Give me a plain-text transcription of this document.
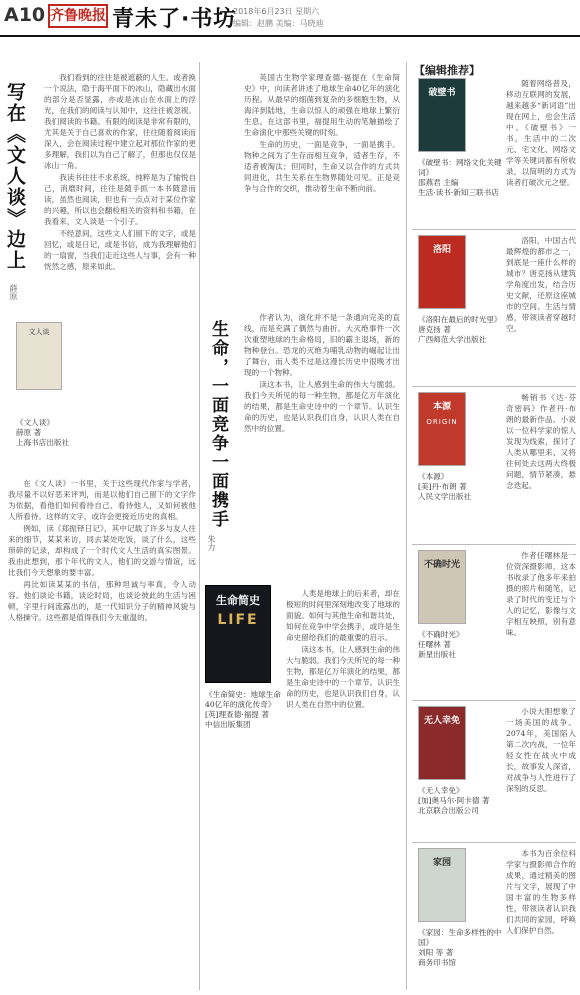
A10 齐鲁晚报 青未了·书坊
2018年6月23日 星期六
编辑：赵鹏 美编：马晓迪
写在《文人谈》边上
薛原

我们看到的往往是被遮蔽的人生。或者换一个说法，隐于海平面下的冰山，隐藏出水面的部分是否显露，亦或是冰山在水面上的浮光，在我们的阅读与认知中，这往往被忽视。我们阅读的书籍、有限的阅读是非常有限的，尤其是关于自己喜欢的作家，往往随着阅读而深入，会在阅读过程中建立起对那位作家的更多理解，我们以为自己了解了，但那也仅仅是冰山一角。

我读书往往不求系统，纯粹是为了愉悦自己，消磨时间，往往是随手抓一本书随意而读，虽然也阅读，但也有一点点对于某位作家的兴趣，所以也会翻检相关的资料和书籍，在我看来，文人谈是一个引子。

不经意间，这些文人们留下的文字，或是回忆，或是日记，或是书信，成为我理解他们的一扇窗，当我们走近这些人与事，会有一种恍然之感，原来如此。

文人谈
《文人谈》
薛原 著
上海书店出版社

在《文人谈》一书里，关于这些现代作家与学者，我尽量不以好恶来评判，而是以他们自己留下的文字作为依据，看他们如何看待自己、看待他人，又如何被他人所看待。这样的文字，或许会更接近历史的真相。

例如，读《郑振铎日记》，其中记载了许多与友人往来的细节，某某来访，同去某处吃饭，谈了什么，这些琐碎的记录，却构成了一个时代文人生活的真实图景。我由此想到，那个年代的文人，他们的交游与情谊，远比我们今天想象的要丰富。

再比如读某某的书信，那种坦诚与率真，令人动容。他们谈论书籍，谈论时局，也谈论彼此的生活与困顿，字里行间流露出的，是一代知识分子的精神风貌与人格操守。这些都是值得我们今天重温的。

英国古生物学家理查德·福提在《生命简史》中，向读者讲述了地球生命40亿年的演化历程。从最早的细菌到复杂的多细胞生物，从海洋到陆地，生命以惊人的顽强在地球上繁衍生息。在这部书里，福提用生动的笔触描绘了生命演化中那些关键的时刻。

生命的历史，一面是竞争，一面是携手。物种之间为了生存而相互竞争，适者生存，不适者被淘汰；但同时，生命又以合作的方式共同进化，共生关系在生物界随处可见。正是竞争与合作的交织，推动着生命不断向前。

生命，一面竞争一面携手
朱力

作者认为，演化并不是一条通向完美的直线，而是充满了偶然与曲折。大灭绝事件一次次重塑地球的生命格局，旧的霸主退场，新的物种登台。恐龙的灭绝为哺乳动物的崛起让出了舞台，而人类不过是这漫长历史中很晚才出现的一个物种。

读这本书，让人感到生命的伟大与脆弱。我们今天所见的每一种生物，都是亿万年演化的结果，都是生命史诗中的一个章节。认识生命的历史，也是认识我们自身，认识人类在自然中的位置。

生命简史
LIFE
《生命简史：地球生命40亿年的演化传奇》
[英]理查德·福提 著
中信出版集团

人类是地球上的后来者，却在极短的时间里深刻地改变了地球的面貌。如何与其他生命和谐共处，如何在竞争中学会携手，或许是生命史留给我们的最重要的启示。

读这本书，让人感到生命的伟大与脆弱。我们今天所见的每一种生物，都是亿万年演化的结果，都是生命史诗中的一个章节。认识生命的历史，也是认识我们自身，认识人类在自然中的位置。

【编辑推荐】
破壁书
《破壁书：网络文化关键词》
邵燕君 主编
生活·读书·新知三联书店

随着网络普及，移动互联网的发展，越来越多“新词语”出现在网上，也会生活中。《破壁书》一书，生活中的二次元、宅文化、网络文学等关键词都有所收录，以简明的方式为读者打破次元之壁。

洛阳
《洛阳在最后的时光里》
唐克扬 著
广西师范大学出版社

洛阳，中国古代最辉煌的都市之一，到底是一座什么样的城市？唐克扬从建筑学角度出发，结合历史文献，还原这座城市的空间、生活与情感，带领读者穿越时空。

本源
ORIGIN
《本源》
[美]丹·布朗 著
人民文学出版社

畅销书《达·芬奇密码》作者丹·布朗的最新作品。小说以一位科学家的惊人发现为线索，探讨了人类从哪里来、又将往何处去这两大终极问题，情节紧凑，悬念迭起。

不确时光
《不确时光》
任曙林 著
新星出版社

作者任曙林是一位资深摄影师，这本书收录了他多年来拍摄的照片和随笔，记录了时代的变迁与个人的记忆，影像与文字相互映照，别有意味。

无人幸免
《无人幸免》
[加]奥马尔·阿卡德 著
北京联合出版公司

小说大胆想象了一场美国的战争。2074年，美国陷入第二次内战，一位年轻女性在战火中成长，故事发人深省，对战争与人性进行了深刻的反思。

家园
《家园：生命多样性的中国》
刘阳 等 著
商务印书馆

本书为百余位科学家与摄影师合作的成果，通过精美的图片与文字，展现了中国丰富的生物多样性，带领读者认识我们共同的家园，呼唤人们保护自然。
